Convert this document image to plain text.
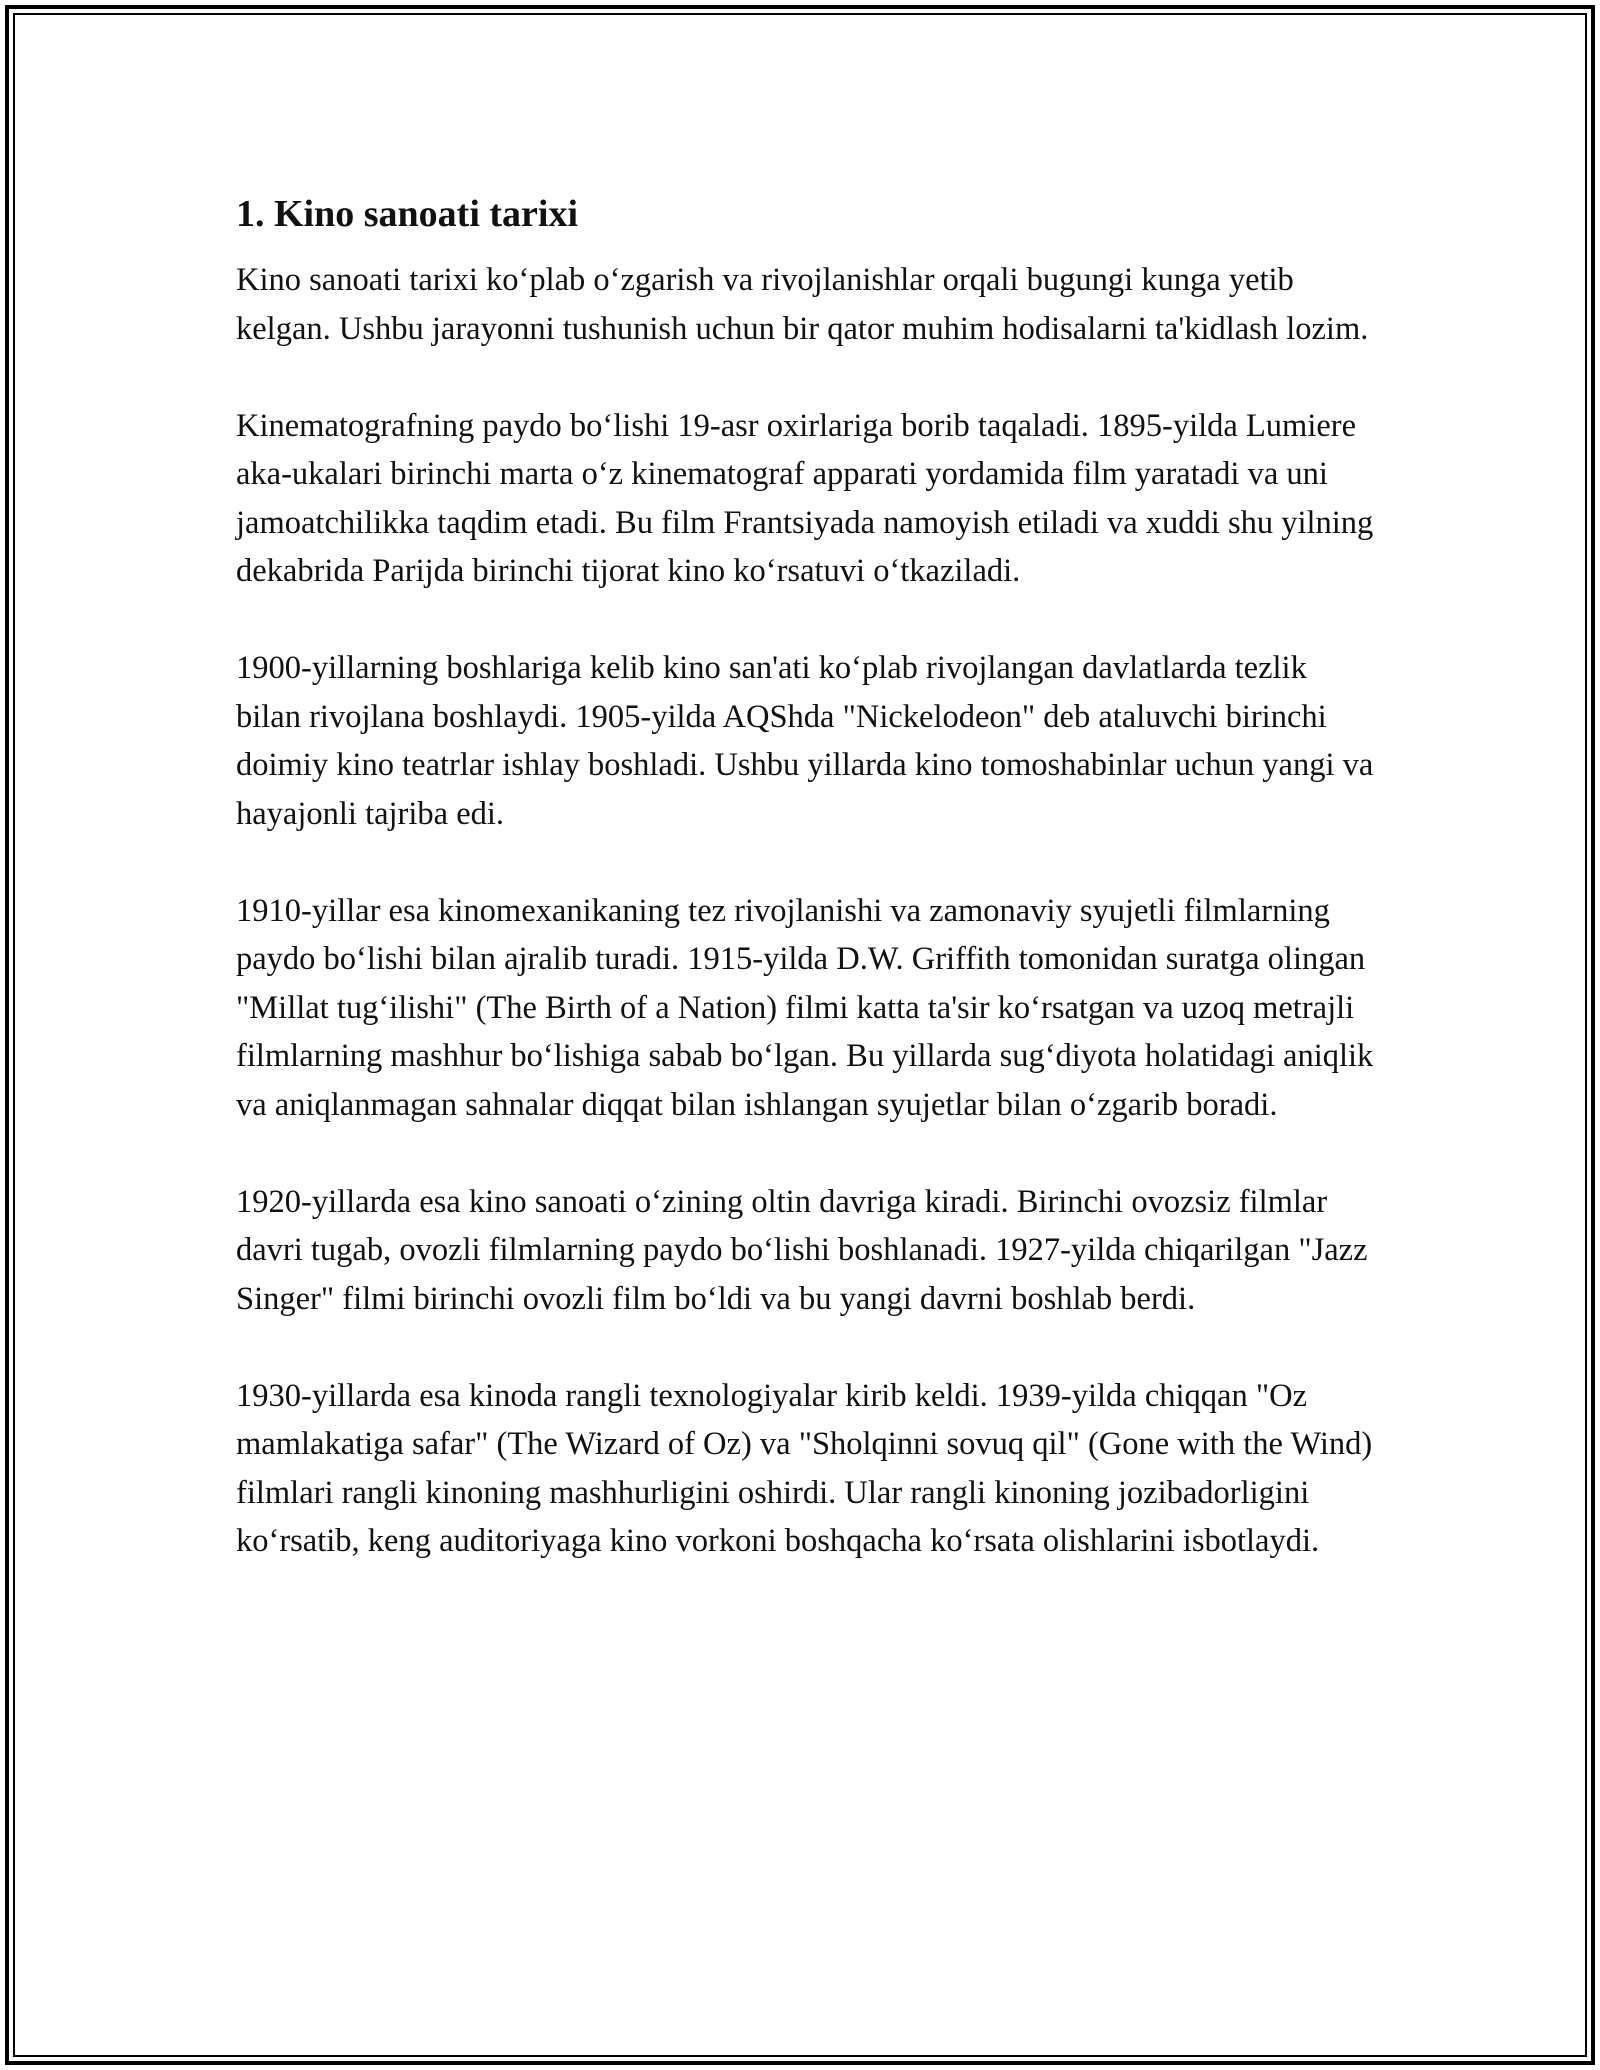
1. Kino sanoati tarixi

Kino sanoati tarixi ko‘plab o‘zgarish va rivojlanishlar orqali bugungi kunga yetib kelgan. Ushbu jarayonni tushunish uchun bir qator muhim hodisalarni ta'kidlash lozim.

Kinematografning paydo bo‘lishi 19-asr oxirlariga borib taqaladi. 1895-yilda Lumiere aka-ukalari birinchi marta o‘z kinematograf apparati yordamida film yaratadi va uni jamoatchilikka taqdim etadi. Bu film Frantsiyada namoyish etiladi va xuddi shu yilning dekabrida Parijda birinchi tijorat kino ko‘rsatuvi o‘tkaziladi.

1900-yillarning boshlariga kelib kino san'ati ko‘plab rivojlangan davlatlarda tezlik bilan rivojlana boshlaydi. 1905-yilda AQShda "Nickelodeon" deb ataluvchi birinchi doimiy kino teatrlar ishlay boshladi. Ushbu yillarda kino tomoshabinlar uchun yangi va hayajonli tajriba edi.

1910-yillar esa kinomexanikaning tez rivojlanishi va zamonaviy syujetli filmlarning paydo bo‘lishi bilan ajralib turadi. 1915-yilda D.W. Griffith tomonidan suratga olingan "Millat tug‘ilishi" (The Birth of a Nation) filmi katta ta'sir ko‘rsatgan va uzoq metrajli filmlarning mashhur bo‘lishiga sabab bo‘lgan. Bu yillarda sug‘diyota holatidagi aniqlik va aniqlanmagan sahnalar diqqat bilan ishlangan syujetlar bilan o‘zgarib boradi.

1920-yillarda esa kino sanoati o‘zining oltin davriga kiradi. Birinchi ovozsiz filmlar davri tugab, ovozli filmlarning paydo bo‘lishi boshlanadi. 1927-yilda chiqarilgan "Jazz Singer" filmi birinchi ovozli film bo‘ldi va bu yangi davrni boshlab berdi.

1930-yillarda esa kinoda rangli texnologiyalar kirib keldi. 1939-yilda chiqqan "Oz mamlakatiga safar" (The Wizard of Oz) va "Sholqinni sovuq qil" (Gone with the Wind) filmlari rangli kinoning mashhurligini oshirdi. Ular rangli kinoning jozibadorligini ko‘rsatib, keng auditoriyaga kino vorkoni boshqacha ko‘rsata olishlarini isbotlaydi.
